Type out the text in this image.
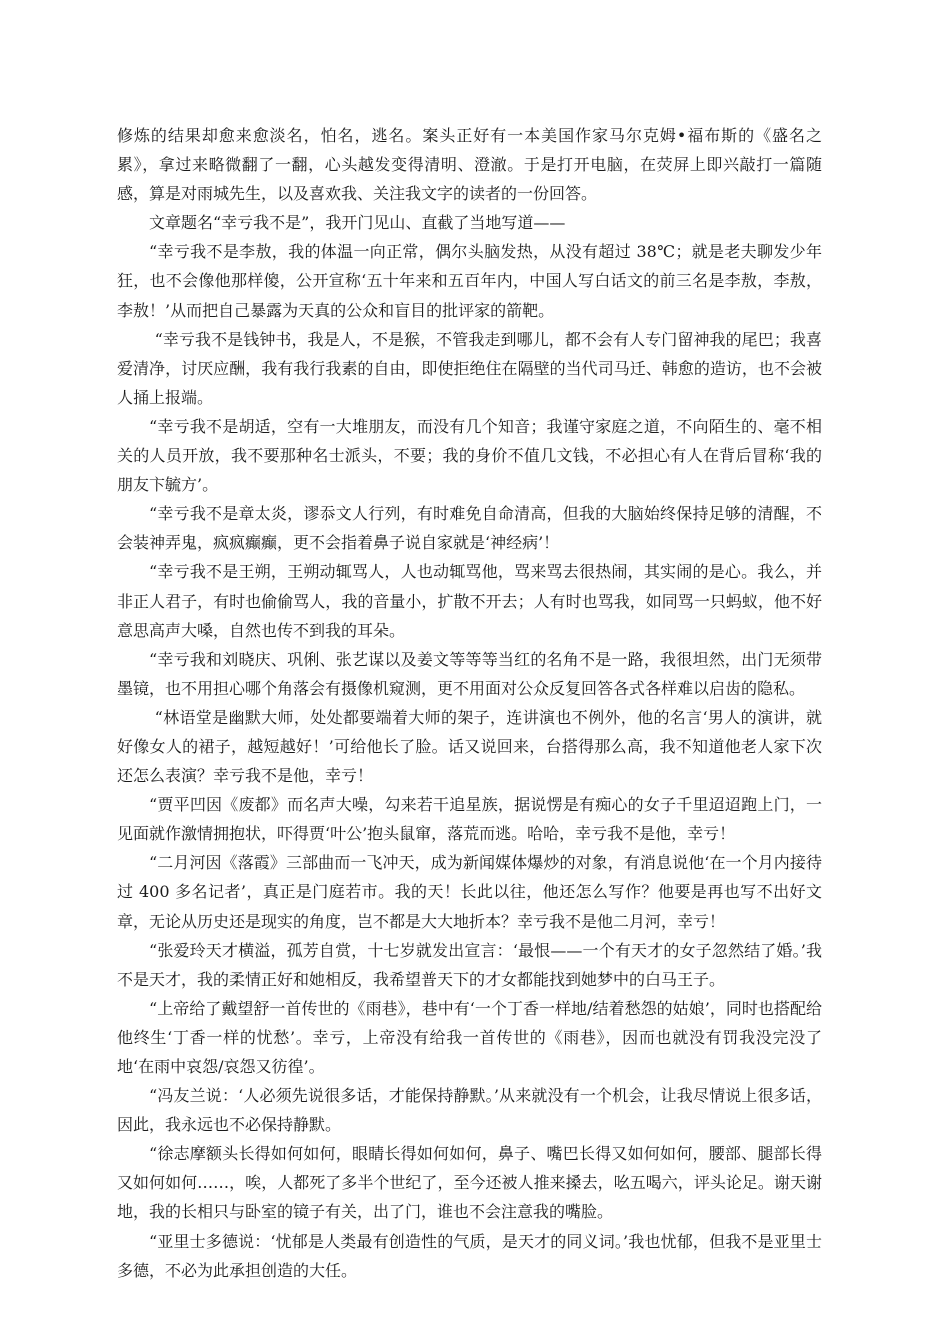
修炼的结果却愈来愈淡名，怕名，逃名。案头正好有一本美国作家马尔克姆•福布斯的《盛名之累》，拿过来略微翻了一翻，心头越发变得清明、澄澈。于是打开电脑，在荧屏上即兴敲打一篇随感，算是对雨城先生，以及喜欢我、关注我文字的读者的一份回答。

文章题名“幸亏我不是”，我开门见山、直截了当地写道——

“幸亏我不是李敖，我的体温一向正常，偶尔头脑发热，从没有超过 38℃；就是老夫聊发少年狂，也不会像他那样傻，公开宣称‘五十年来和五百年内，中国人写白话文的前三名是李敖，李敖，李敖！’从而把自己暴露为天真的公众和盲目的批评家的箭靶。

“幸亏我不是钱钟书，我是人，不是猴，不管我走到哪儿，都不会有人专门留神我的尾巴；我喜爱清净，讨厌应酬，我有我行我素的自由，即使拒绝住在隔壁的当代司马迁、韩愈的造访，也不会被人捅上报端。

“幸亏我不是胡适，空有一大堆朋友，而没有几个知音；我谨守家庭之道，不向陌生的、毫不相关的人员开放，我不要那种名士派头，不要；我的身价不值几文钱，不必担心有人在背后冒称‘我的朋友卞毓方’。

“幸亏我不是章太炎，谬忝文人行列，有时难免自命清高，但我的大脑始终保持足够的清醒，不会装神弄鬼，疯疯癫癫，更不会指着鼻子说自家就是‘神经病’！

“幸亏我不是王朔，王朔动辄骂人，人也动辄骂他，骂来骂去很热闹，其实闹的是心。我么，并非正人君子，有时也偷偷骂人，我的音量小，扩散不开去；人有时也骂我，如同骂一只蚂蚁，他不好意思高声大嗓，自然也传不到我的耳朵。

“幸亏我和刘晓庆、巩俐、张艺谋以及姜文等等等当红的名角不是一路，我很坦然，出门无须带墨镜，也不用担心哪个角落会有摄像机窥测，更不用面对公众反复回答各式各样难以启齿的隐私。

“林语堂是幽默大师，处处都要端着大师的架子，连讲演也不例外，他的名言‘男人的演讲，就好像女人的裙子，越短越好！’可给他长了脸。话又说回来，台搭得那么高，我不知道他老人家下次还怎么表演？幸亏我不是他，幸亏！

“贾平凹因《废都》而名声大噪，勾来若干追星族，据说愣是有痴心的女子千里迢迢跑上门，一见面就作激情拥抱状，吓得贾‘叶公’抱头鼠窜，落荒而逃。哈哈，幸亏我不是他，幸亏！

“二月河因《落霞》三部曲而一飞冲天，成为新闻媒体爆炒的对象，有消息说他‘在一个月内接待过 400 多名记者’，真正是门庭若市。我的天！长此以往，他还怎么写作？他要是再也写不出好文章，无论从历史还是现实的角度，岂不都是大大地折本？幸亏我不是他二月河，幸亏！

“张爱玲天才横溢，孤芳自赏，十七岁就发出宣言：‘最恨——一个有天才的女子忽然结了婚。’我不是天才，我的柔情正好和她相反，我希望普天下的才女都能找到她梦中的白马王子。

“上帝给了戴望舒一首传世的《雨巷》，巷中有‘一个丁香一样地/结着愁怨的姑娘’，同时也搭配给他终生‘丁香一样的忧愁’。幸亏，上帝没有给我一首传世的《雨巷》，因而也就没有罚我没完没了地‘在雨中哀怨/哀怨又彷徨’。

“冯友兰说：‘人必须先说很多话，才能保持静默。’从来就没有一个机会，让我尽情说上很多话，因此，我永远也不必保持静默。

“徐志摩额头长得如何如何，眼睛长得如何如何，鼻子、嘴巴长得又如何如何，腰部、腿部长得又如何如何……，唉，人都死了多半个世纪了，至今还被人推来搡去，吆五喝六，评头论足。谢天谢地，我的长相只与卧室的镜子有关，出了门，谁也不会注意我的嘴脸。

“亚里士多德说：‘忧郁是人类最有创造性的气质，是天才的同义词。’我也忧郁，但我不是亚里士多德，不必为此承担创造的大任。
